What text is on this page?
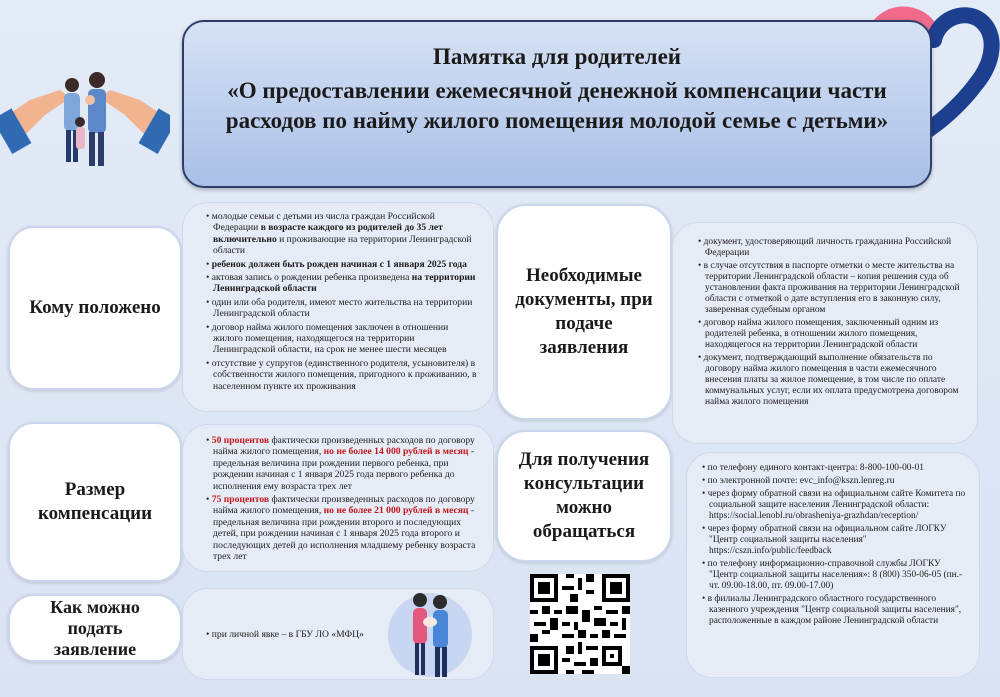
Памятка для родителей
«О предоставлении ежемесячной денежной компенсации части расходов по найму жилого помещения молодой семье с детьми»
Кому положено
Размер компенсации
Как можно подать заявление
• молодые семьи с детьми из числа граждан Российской Федерации в возрасте каждого из родителей до 35 лет включительно и проживающие на территории Ленинградской области
• ребенок должен быть рожден начиная с 1 января 2025 года
• актовая запись о рождении ребенка произведена на территории Ленинградской области
• один или оба родителя, имеют место жительства на территории Ленинградской области
• договор найма жилого помещения заключен в отношении жилого помещения, находящегося на территории Ленинградской области, на срок не менее шести месяцев
• отсутствие у супругов (единственного родителя, усыновителя) в собственности жилого помещения, пригодного к проживанию, в населенном пункте их проживания
• 50 процентов фактически произведенных расходов по договору найма жилого помещения, но не более 14 000 рублей в месяц - предельная величина при рождении первого ребенка, при рождении начиная с 1 января 2025 года первого ребенка до исполнения ему возраста трех лет
• 75 процентов фактически произведенных расходов по договору найма жилого помещения, но не более 21 000 рублей в месяц - предельная величина при рождении второго и последующих детей, при рождении начиная с 1 января 2025 года второго и последующих детей до исполнения младшему ребенку возраста трех лет
• при личной явке – в ГБУ ЛО «МФЦ»
Необходимые документы, при подаче заявления
Для получения консультации можно обращаться
• документ, удостоверяющий личность гражданина Российской Федерации
• в случае отсутствия в паспорте отметки о месте жительства на территории Ленинградской области – копия решения суда об установлении факта проживания на территории Ленинградской области с отметкой о дате вступления его в законную силу, заверенная судебным органом
• договор найма жилого помещения, заключенный одним из родителей ребенка, в отношении жилого помещения, находящегося на территории Ленинградской области
• документ, подтверждающий выполнение обязательств по договору найма жилого помещения в части ежемесячного внесения платы за жилое помещение, в том числе по оплате коммунальных услуг, если их оплата предусмотрена договором найма жилого помещения
• по телефону единого контакт-центра: 8-800-100-00-01
• по электронной почте: evc_info@kszn.lenreg.ru
• через форму обратной связи на официальном сайте Комитета по социальной защите населения Ленинградской области: https://social.lenobl.ru/obrasheniya-grazhdan/reception/
• через форму обратной связи на официальном сайте ЛОГКУ "Центр социальной защиты населения" https://cszn.info/public/feedback
• по телефону информационно-справочной службы ЛОГКУ "Центр социальной защиты населения»: 8 (800) 350-06-05 (пн.-чт. 09.00-18.00, пт. 09.00-17.00)
• в филиалы Ленинградского областного государственного казенного учреждения "Центр социальной защиты населения", расположенные в каждом районе Ленинградской области
